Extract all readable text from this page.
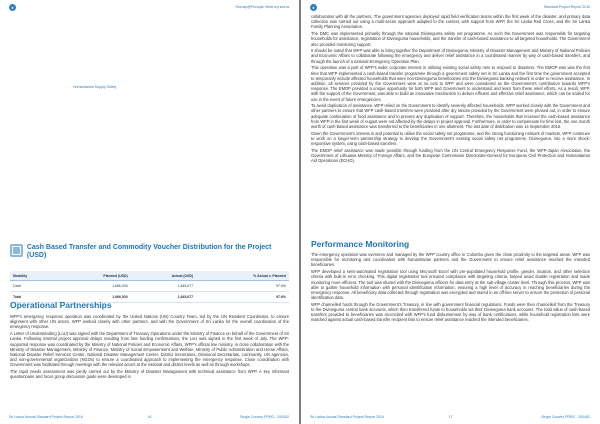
●	Hocusp@Pecupla: Beta rep sed.ia
Humanitarian Supply Safety
Cash Based Transfer and Commodity Voucher Distribution for the Project (USD)
Modality	Planned (USD)	Actual (USD)	% Actual v. Planned
Cash	1,666,000	1,645,677	97.6%
Total	1,666,000	1,645,677	97.6%
Operational Partnerships

WFP's emergency response operation was coordinated by the United Nations (UN) Country Team, led by the UN Resident Coordinator, to ensure alignment with other UN actors. WFP worked closely with other partners, and with the Government of Sri Lanka for the overall coordination of the emergency response.

A Letter of Understanding (LoU) was signed with the Department of Treasury Operations under the Ministry of Finance on behalf of the Government of Sri Lanka. Following internal project approval delays resulting from late funding confirmations, the LoU was signed in the first week of July. The WFP-supported response was coordinated by the Ministry of National Policies and Economic Affairs, WFP's official line ministry, in close collaboration with the Ministry of Disaster Management, Ministry of Finance, Ministry of Social Empowerment and Welfare, Ministry of Public Administration and Home Affairs, National Disaster Relief Services Center, National Disaster Management Center, District Secretaries, Divisional Secretariats, community, UN agencies, and non-governmental organizations (NGOs) to ensure a coordinated approach to implementing the emergency response. Close coordination with Government was facilitated through meetings with the relevant actors at the national and district levels as well as through workshops.

The rapid needs assessment was jointly carried out by the Ministry of Disaster Management with technical assistance from WFP. A key informant questionnaire and focus group discussion guide were developed in

Sri Lanka Annual Standard Project Report 2016	16	Single Country PRRO - 200452
●	Standard Project Report 2016

collaboration with all the partners. The government agencies deployed rapid field verification teams within the first week of the disaster, and primary data collection was carried out using a multi-sector approach adapted to the context, with support from WFP, the Sri Lanka Red Cross, and the Sri Lanka Family Planning Association.

The DMC was implemented primarily through the national Divineguma safety net programme. As such the Government was responsible for targeting households for assistance, registration of Divineguma households, and the transfer of cash-based assistance to all targeted households. The Government also provided monitoring support.

It should be noted that WFP was able to bring together the Department of Divineguma, Ministry of Disaster Management and Ministry of National Policies and Economic Affairs to collaborate following the emergency and deliver relief assistance in a coordinated manner by way of cash-based transfers, and through the launch of a national Emergency Operation Plan.

This operation was a part of WFP's wider corporate interest in utilising existing social safety nets to respond to disasters. The EMOP was was the first time that WFP implemented a cash-based transfer programme through a government safety net in Sri Lanka and the first time the government accepted to temporarily include affected households that were non-Divineguma beneficiaries into the Divineguma banking network in order to receive assistance. In addition, all services provided by the Government were at no cost to WFP and were considered as the Government's contribution towards WFP's response. The EMOP provided a unique opportunity for both WFP and Government to understand and learn from these relief efforts. As a result, WFP, with the support of the Government, was able to build an innovative mechanism to deliver efficient and effective relief assistance, which can be scaled for use in the event of future emergencies.

To avoid duplication of assistance, WFP relied on the Government to identify severely affected households. WFP worked closely with the Government and other partners to ensure that WFP cash-based transfers were provided after dry rations provided by the Government were phased out, in order to ensure adequate continuation of food assistance and to prevent any duplication of support. Therefore, the households that received the cash-based assistance from WFP in the first week of August were not affected by the delays in project approval. Furthermore, in order to compensate for time lost, the one month worth of cash-based assistance was transferred to the beneficiaries in one allotment. The last date of distribution was 14 September 2016.

Given the Government's interest in and potential to utilise the social safety net programme, and the strong functioning network of markets, WFP continues to work on a longer-term partnership strategy to develop the Government's existing social safety net programme, Divineguma, into a more shock-responsive system, using cash-based transfers.

The EMOP relief assistance was made possible through funding from the UN Central Emergency Response Fund, the WFP-Japan Association, the Government of Lithuania Ministry of Foreign Affairs, and the European Commission Directorate-General for European Civil Protection and Humanitarian Aid Operations (ECHO).

Performance Monitoring

The emergency operation was overseen and managed by the WFP country office in Colombo given the close proximity to the targeted areas. WFP was responsible for monitoring and coordination with humanitarian partners and the Government to ensure relief assistance reached the intended beneficiaries.

WFP developed a semi-automated registration tool using Microsoft Excel with pre-populated household profile, gender, location, and other selection criteria with built-in error checking. This digital registration tool ensured compliance with targeting criteria, helped avoid double registration and made monitoring more efficient. The tool was shared with the Divineguma officers for data entry at the sub-village cluster level. Through this process, WFP was able to gather household information with personal identification information, ensuring a high level of accuracy in reaching beneficiaries during the emergency response. All beneficiary data collected through registration was encrypted and stored in an off-line server to ensure the protection of personal identification data.

WFP channelled funds through the Government's Treasury, in line with government financial regulations. Funds were then channelled from the Treasury to the Divineguma central bank accounts, which then transferred funds to households via their Divineguma bank accounts. The total value of cash-based transfers provided to beneficiaries was reconciled with WFP's fund disbursement by way of bank certifications, while household registration lists were matched against actual cash-based transfer recipient lists to ensure relief assistance reached the intended beneficiaries.

Sri Lanka Annual Standard Project Report 2016	17	Single Country PRRO - 200452
